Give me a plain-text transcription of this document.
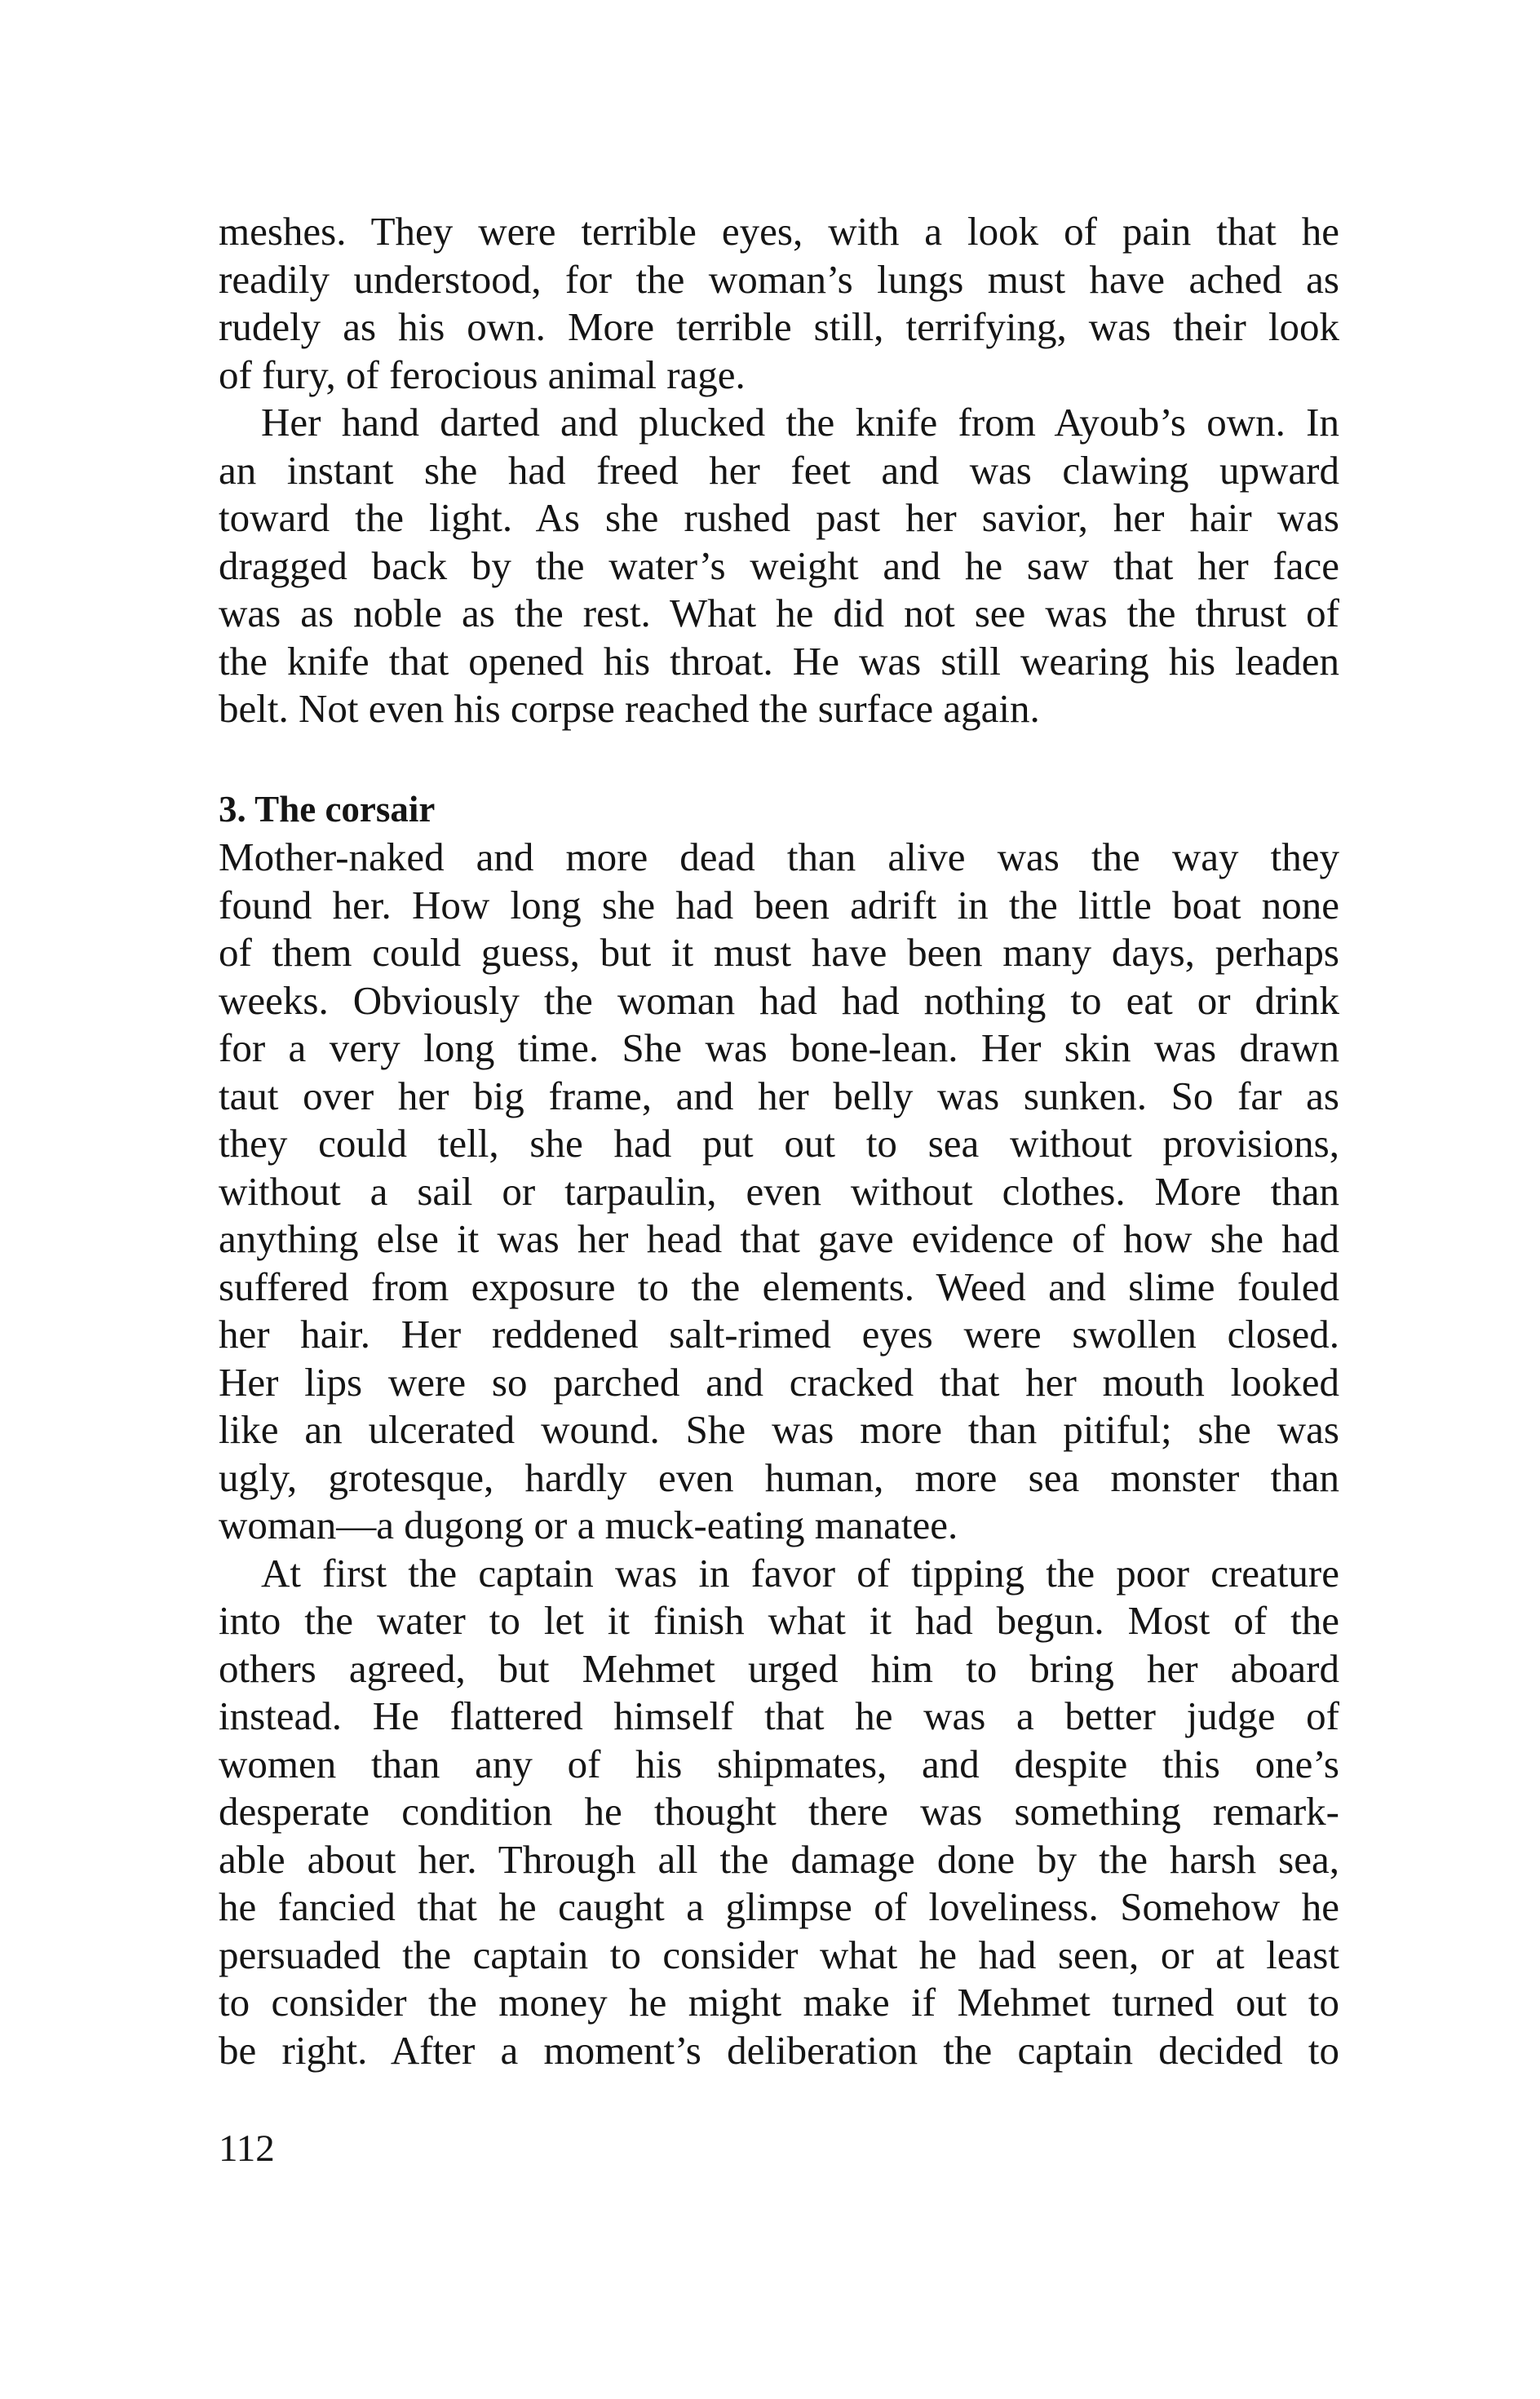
meshes. They were terrible eyes, with a look of pain that he
readily understood, for the woman’s lungs must have ached as
rudely as his own. More terrible still, terrifying, was their look
of fury, of ferocious animal rage.
Her hand darted and plucked the knife from Ayoub’s own. In
an instant she had freed her feet and was clawing upward
toward the light. As she rushed past her savior, her hair was
dragged back by the water’s weight and he saw that her face
was as noble as the rest. What he did not see was the thrust of
the knife that opened his throat. He was still wearing his leaden
belt. Not even his corpse reached the surface again.
3. The corsair
Mother-naked and more dead than alive was the way they
found her. How long she had been adrift in the little boat none
of them could guess, but it must have been many days, perhaps
weeks. Obviously the woman had had nothing to eat or drink
for a very long time. She was bone-lean. Her skin was drawn
taut over her big frame, and her belly was sunken. So far as
they could tell, she had put out to sea without provisions,
without a sail or tarpaulin, even without clothes. More than
anything else it was her head that gave evidence of how she had
suffered from exposure to the elements. Weed and slime fouled
her hair. Her reddened salt-rimed eyes were swollen closed.
Her lips were so parched and cracked that her mouth looked
like an ulcerated wound. She was more than pitiful; she was
ugly, grotesque, hardly even human, more sea monster than
woman—a dugong or a muck-eating manatee.
At first the captain was in favor of tipping the poor creature
into the water to let it finish what it had begun. Most of the
others agreed, but Mehmet urged him to bring her aboard
instead. He flattered himself that he was a better judge of
women than any of his shipmates, and despite this one’s
desperate condition he thought there was something remark-
able about her. Through all the damage done by the harsh sea,
he fancied that he caught a glimpse of loveliness. Somehow he
persuaded the captain to consider what he had seen, or at least
to consider the money he might make if Mehmet turned out to
be right. After a moment’s deliberation the captain decided to
112
